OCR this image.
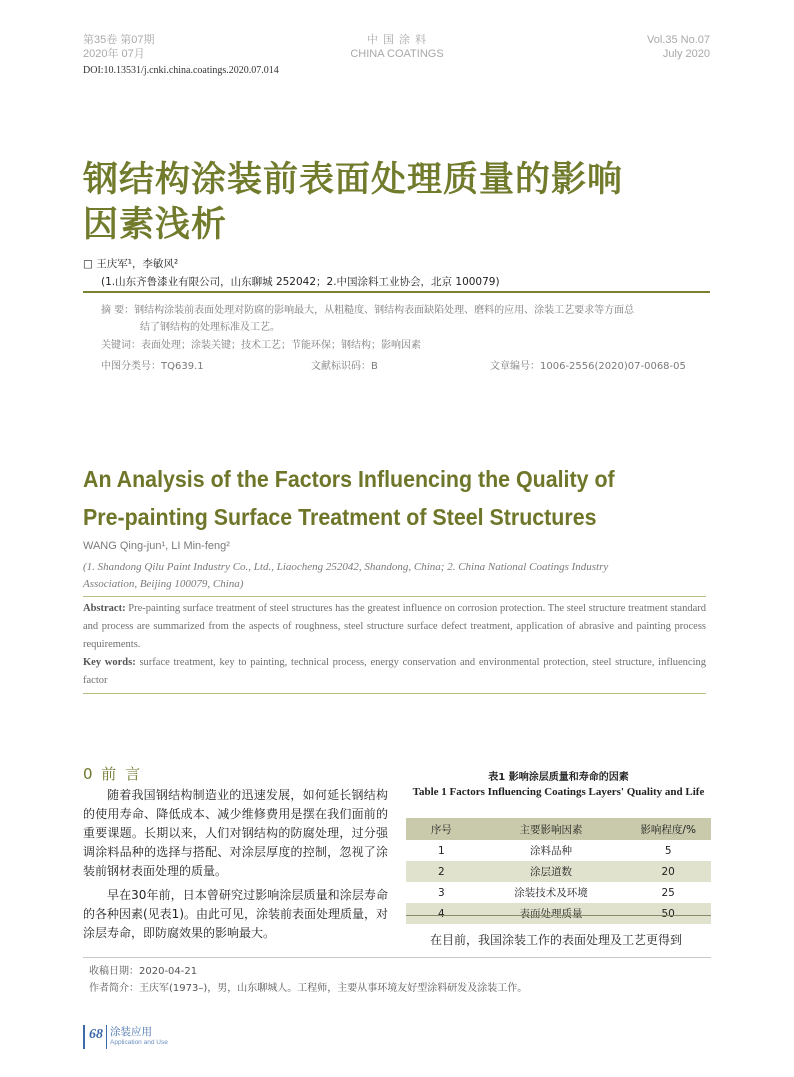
第35卷 第07期
2020年 07月
中 国 涂 料
CHINA COATINGS
Vol.35 No.07
July 2020
DOI:10.13531/j.cnki.china.coatings.2020.07.014
钢结构涂装前表面处理质量的影响
因素浅析
□ 王庆军¹，李敏风²
(1.山东齐鲁漆业有限公司，山东聊城 252042；2.中国涂料工业协会，北京 100079)
摘 要：钢结构涂装前表面处理对防腐的影响最大，从粗糙度、钢结构表面缺陷处理、磨料的应用、涂装工艺要求等方面总
结了钢结构的处理标准及工艺。
关键词：表面处理；涂装关键；技术工艺；节能环保；钢结构；影响因素
中图分类号：TQ639.1	文献标识码：B	文章编号：1006-2556(2020)07-0068-05
An Analysis of the Factors Influencing the Quality of
Pre-painting Surface Treatment of Steel Structures
WANG Qing-jun¹, LI Min-feng²
(1. Shandong Qilu Paint Industry Co., Ltd., Liaocheng 252042, Shandong, China; 2. China National Coatings Industry
Association, Beijing 100079, China)
Abstract: Pre-painting surface treatment of steel structures has the greatest influence on corrosion protection. The steel structure treatment standard and process are summarized from the aspects of roughness, steel structure surface defect treatment, application of abrasive and painting process requirements.
Key words: surface treatment, key to painting, technical process, energy conservation and environmental protection, steel structure, influencing factor
0 前 言
随着我国钢结构制造业的迅速发展，如何延长钢结构的使用寿命、降低成本、减少维修费用是摆在我们面前的重要课题。长期以来，人们对钢结构的防腐处理，过分强调涂料品种的选择与搭配、对涂层厚度的控制，忽视了涂装前钢材表面处理的质量。
早在30年前，日本曾研究过影响涂层质量和涂层寿命的各种因素(见表1)。由此可见，涂装前表面处理质量，对涂层寿命，即防腐效果的影响最大。
表1 影响涂层质量和寿命的因素
Table 1 Factors Influencing Coatings Layers' Quality and Life
序号	主要影响因素	影响程度/%
1	涂料品种	5
2	涂层道数	20
3	涂装技术及环境	25
4	表面处理质量	50
在目前，我国涂装工作的表面处理及工艺更得到
收稿日期：2020-04-21
作者简介：王庆军(1973–)，男，山东聊城人。工程师，主要从事环境友好型涂料研发及涂装工作。
68 涂装应用
Application and Use
